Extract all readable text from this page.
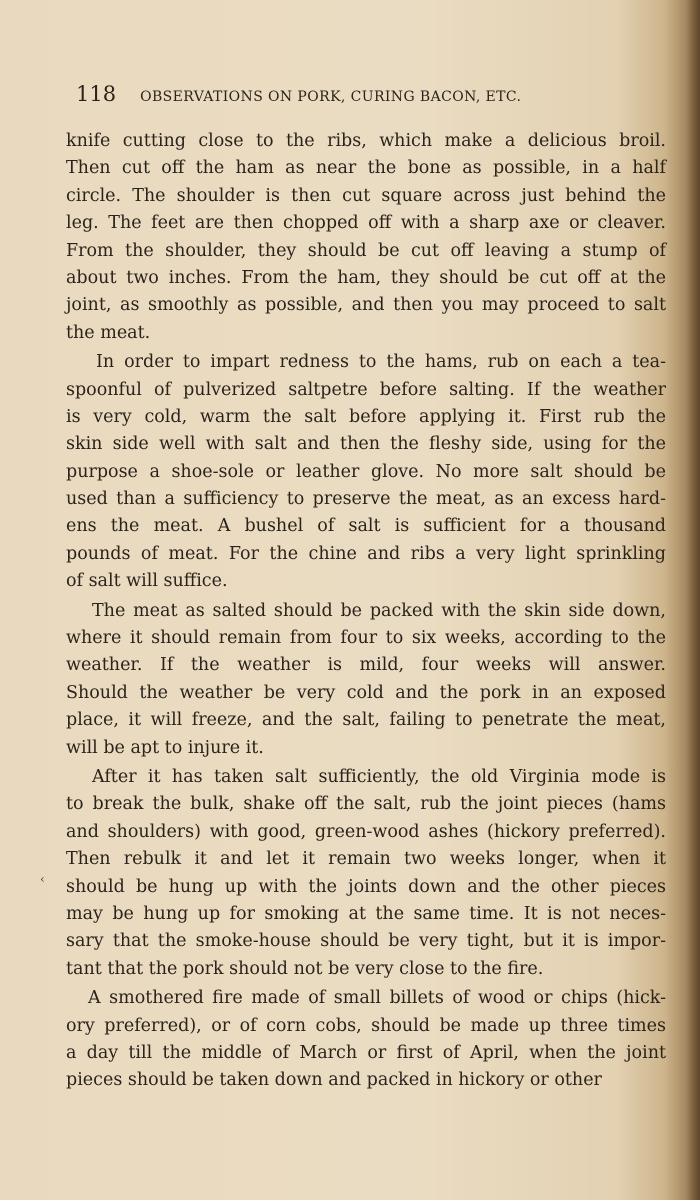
118 OBSERVATIONS ON PORK, CURING BACON, ETC.
‹
knife cutting close to the ribs, which make a delicious broil.
Then cut off the ham as near the bone as possible, in a half
circle. The shoulder is then cut square across just behind the
leg. The feet are then chopped off with a sharp axe or cleaver.
From the shoulder, they should be cut off leaving a stump of
about two inches. From the ham, they should be cut off at the
joint, as smoothly as possible, and then you may proceed to salt
the meat.
In order to impart redness to the hams, rub on each a tea-
spoonful of pulverized saltpetre before salting. If the weather
is very cold, warm the salt before applying it. First rub the
skin side well with salt and then the fleshy side, using for the
purpose a shoe-sole or leather glove. No more salt should be
used than a sufficiency to preserve the meat, as an excess hard-
ens the meat. A bushel of salt is sufficient for a thousand
pounds of meat. For the chine and ribs a very light sprinkling
of salt will suffice.
The meat as salted should be packed with the skin side down,
where it should remain from four to six weeks, according to the
weather. If the weather is mild, four weeks will answer.
Should the weather be very cold and the pork in an exposed
place, it will freeze, and the salt, failing to penetrate the meat,
will be apt to injure it.
After it has taken salt sufficiently, the old Virginia mode is
to break the bulk, shake off the salt, rub the joint pieces (hams
and shoulders) with good, green-wood ashes (hickory preferred).
Then rebulk it and let it remain two weeks longer, when it
should be hung up with the joints down and the other pieces
may be hung up for smoking at the same time. It is not neces-
sary that the smoke-house should be very tight, but it is impor-
tant that the pork should not be very close to the fire.
A smothered fire made of small billets of wood or chips (hick-
ory preferred), or of corn cobs, should be made up three times
a day till the middle of March or first of April, when the joint
pieces should be taken down and packed in hickory or other
